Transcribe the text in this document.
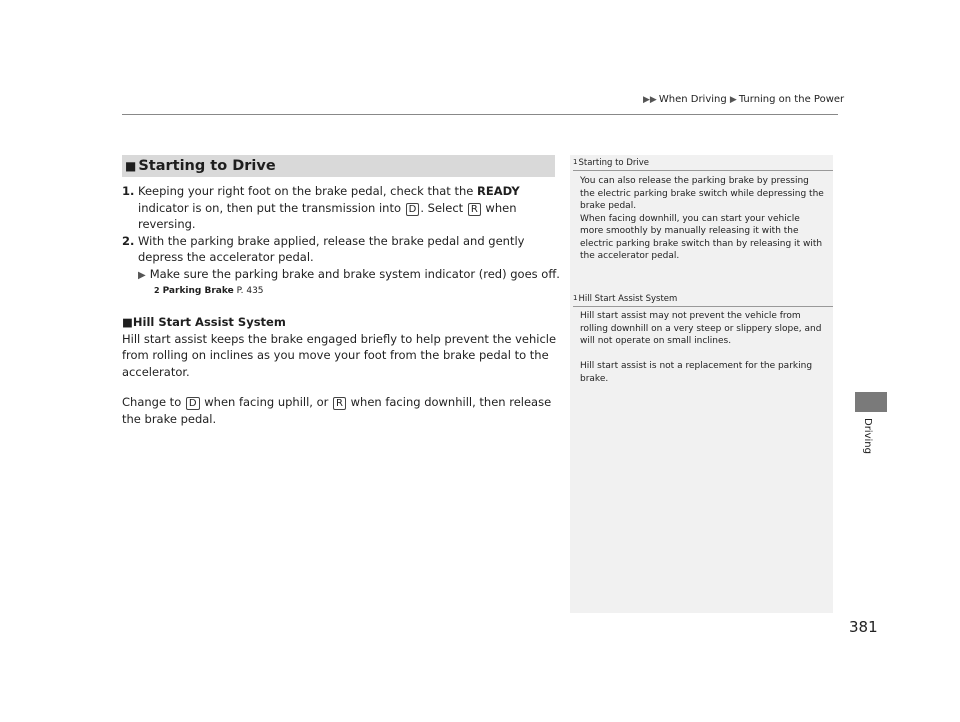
▶▶ When Driving ▶ Turning on the Power
■ Starting to Drive
1. Keeping your right foot on the brake pedal, check that the READY indicator is on, then put the transmission into D . Select R when reversing.
2. With the parking brake applied, release the brake pedal and gently depress the accelerator pedal.
▶ Make sure the parking brake and brake system indicator (red) goes off.
2 Parking Brake P. 435
■Hill Start Assist System
Hill start assist keeps the brake engaged briefly to help prevent the vehicle from rolling on inclines as you move your foot from the brake pedal to the accelerator.
Change to D when facing uphill, or R when facing downhill, then release the brake pedal.
1Starting to Drive
You can also release the parking brake by pressing the electric parking brake switch while depressing the brake pedal.
When facing downhill, you can start your vehicle more smoothly by manually releasing it with the electric parking brake switch than by releasing it with the accelerator pedal.
1Hill Start Assist System
Hill start assist may not prevent the vehicle from rolling downhill on a very steep or slippery slope, and will not operate on small inclines.

Hill start assist is not a replacement for the parking brake.
Driving
381
